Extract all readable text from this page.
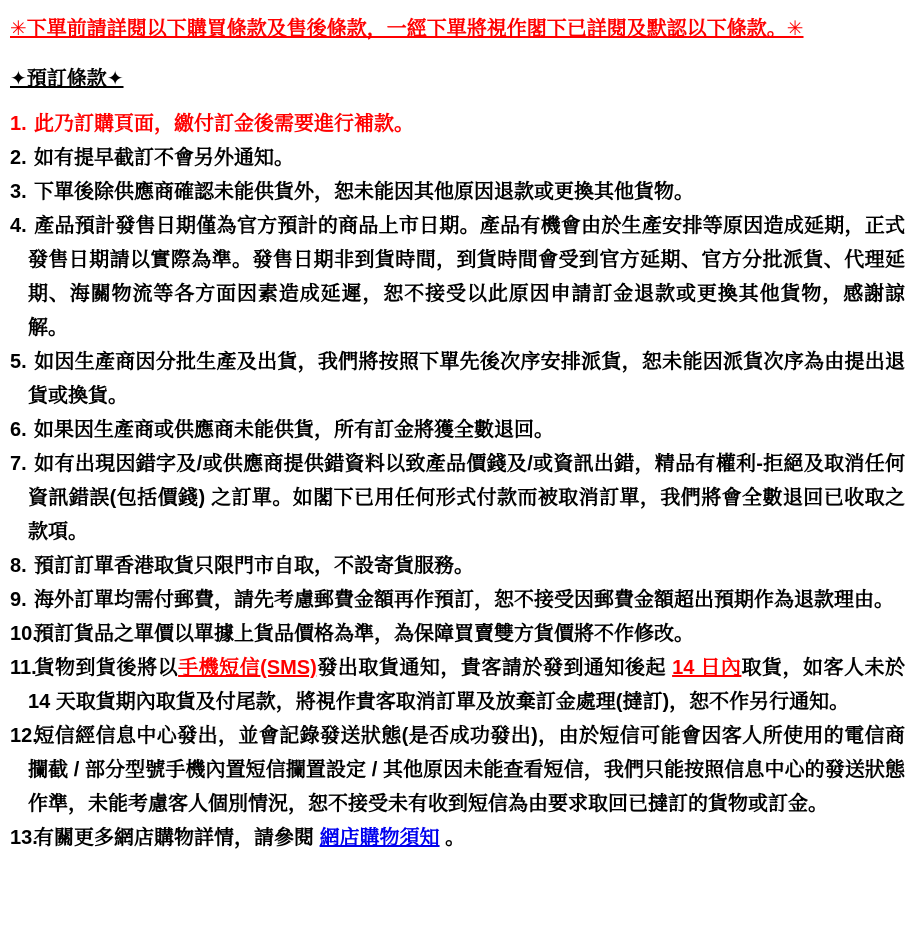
✳下單前請詳閱以下購買條款及售後條款，一經下單將視作閣下已詳閱及默認以下條款。✳
✦預訂條款✦
1. 此乃訂購頁面，繳付訂金後需要進行補款。
2. 如有提早截訂不會另外通知。
3. 下單後除供應商確認未能供貨外，恕未能因其他原因退款或更換其他貨物。
4. 產品預計發售日期僅為官方預計的商品上市日期。產品有機會由於生產安排等原因造成延期，正式發售日期請以實際為準。發售日期非到貨時間，到貨時間會受到官方延期、官方分批派貨、代理延期、海關物流等各方面因素造成延遲，恕不接受以此原因申請訂金退款或更換其他貨物，感謝諒解。
5. 如因生產商因分批生產及出貨，我們將按照下單先後次序安排派貨，恕未能因派貨次序為由提出退貨或換貨。
6. 如果因生產商或供應商未能供貨，所有訂金將獲全數退回。
7. 如有出現因錯字及/或供應商提供錯資料以致產品價錢及/或資訊出錯，精品有權利-拒絕及取消任何資訊錯誤(包括價錢) 之訂單。如閣下已用任何形式付款而被取消訂單，我們將會全數退回已收取之款項。
8. 預訂訂單香港取貨只限門市自取，不設寄貨服務。
9. 海外訂單均需付郵費，請先考慮郵費金額再作預訂，恕不接受因郵費金額超出預期作為退款理由。
10.預訂貨品之單價以單據上貨品價格為準，為保障買賣雙方貨價將不作修改。
11.貨物到貨後將以手機短信(SMS)發出取貨通知，貴客請於發到通知後起 14 日內取貨，如客人未於 14 天取貨期內取貨及付尾款，將視作貴客取消訂單及放棄訂金處理(撻訂)，恕不作另行通知。
12.短信經信息中心發出，並會記錄發送狀態(是否成功發出)，由於短信可能會因客人所使用的電信商攔截 / 部分型號手機內置短信攔置設定 / 其他原因未能查看短信，我們只能按照信息中心的發送狀態作準，未能考慮客人個別情況，恕不接受未有收到短信為由要求取回已撻訂的貨物或訂金。
13.有關更多網店購物詳情，請參閱 網店購物須知 。
